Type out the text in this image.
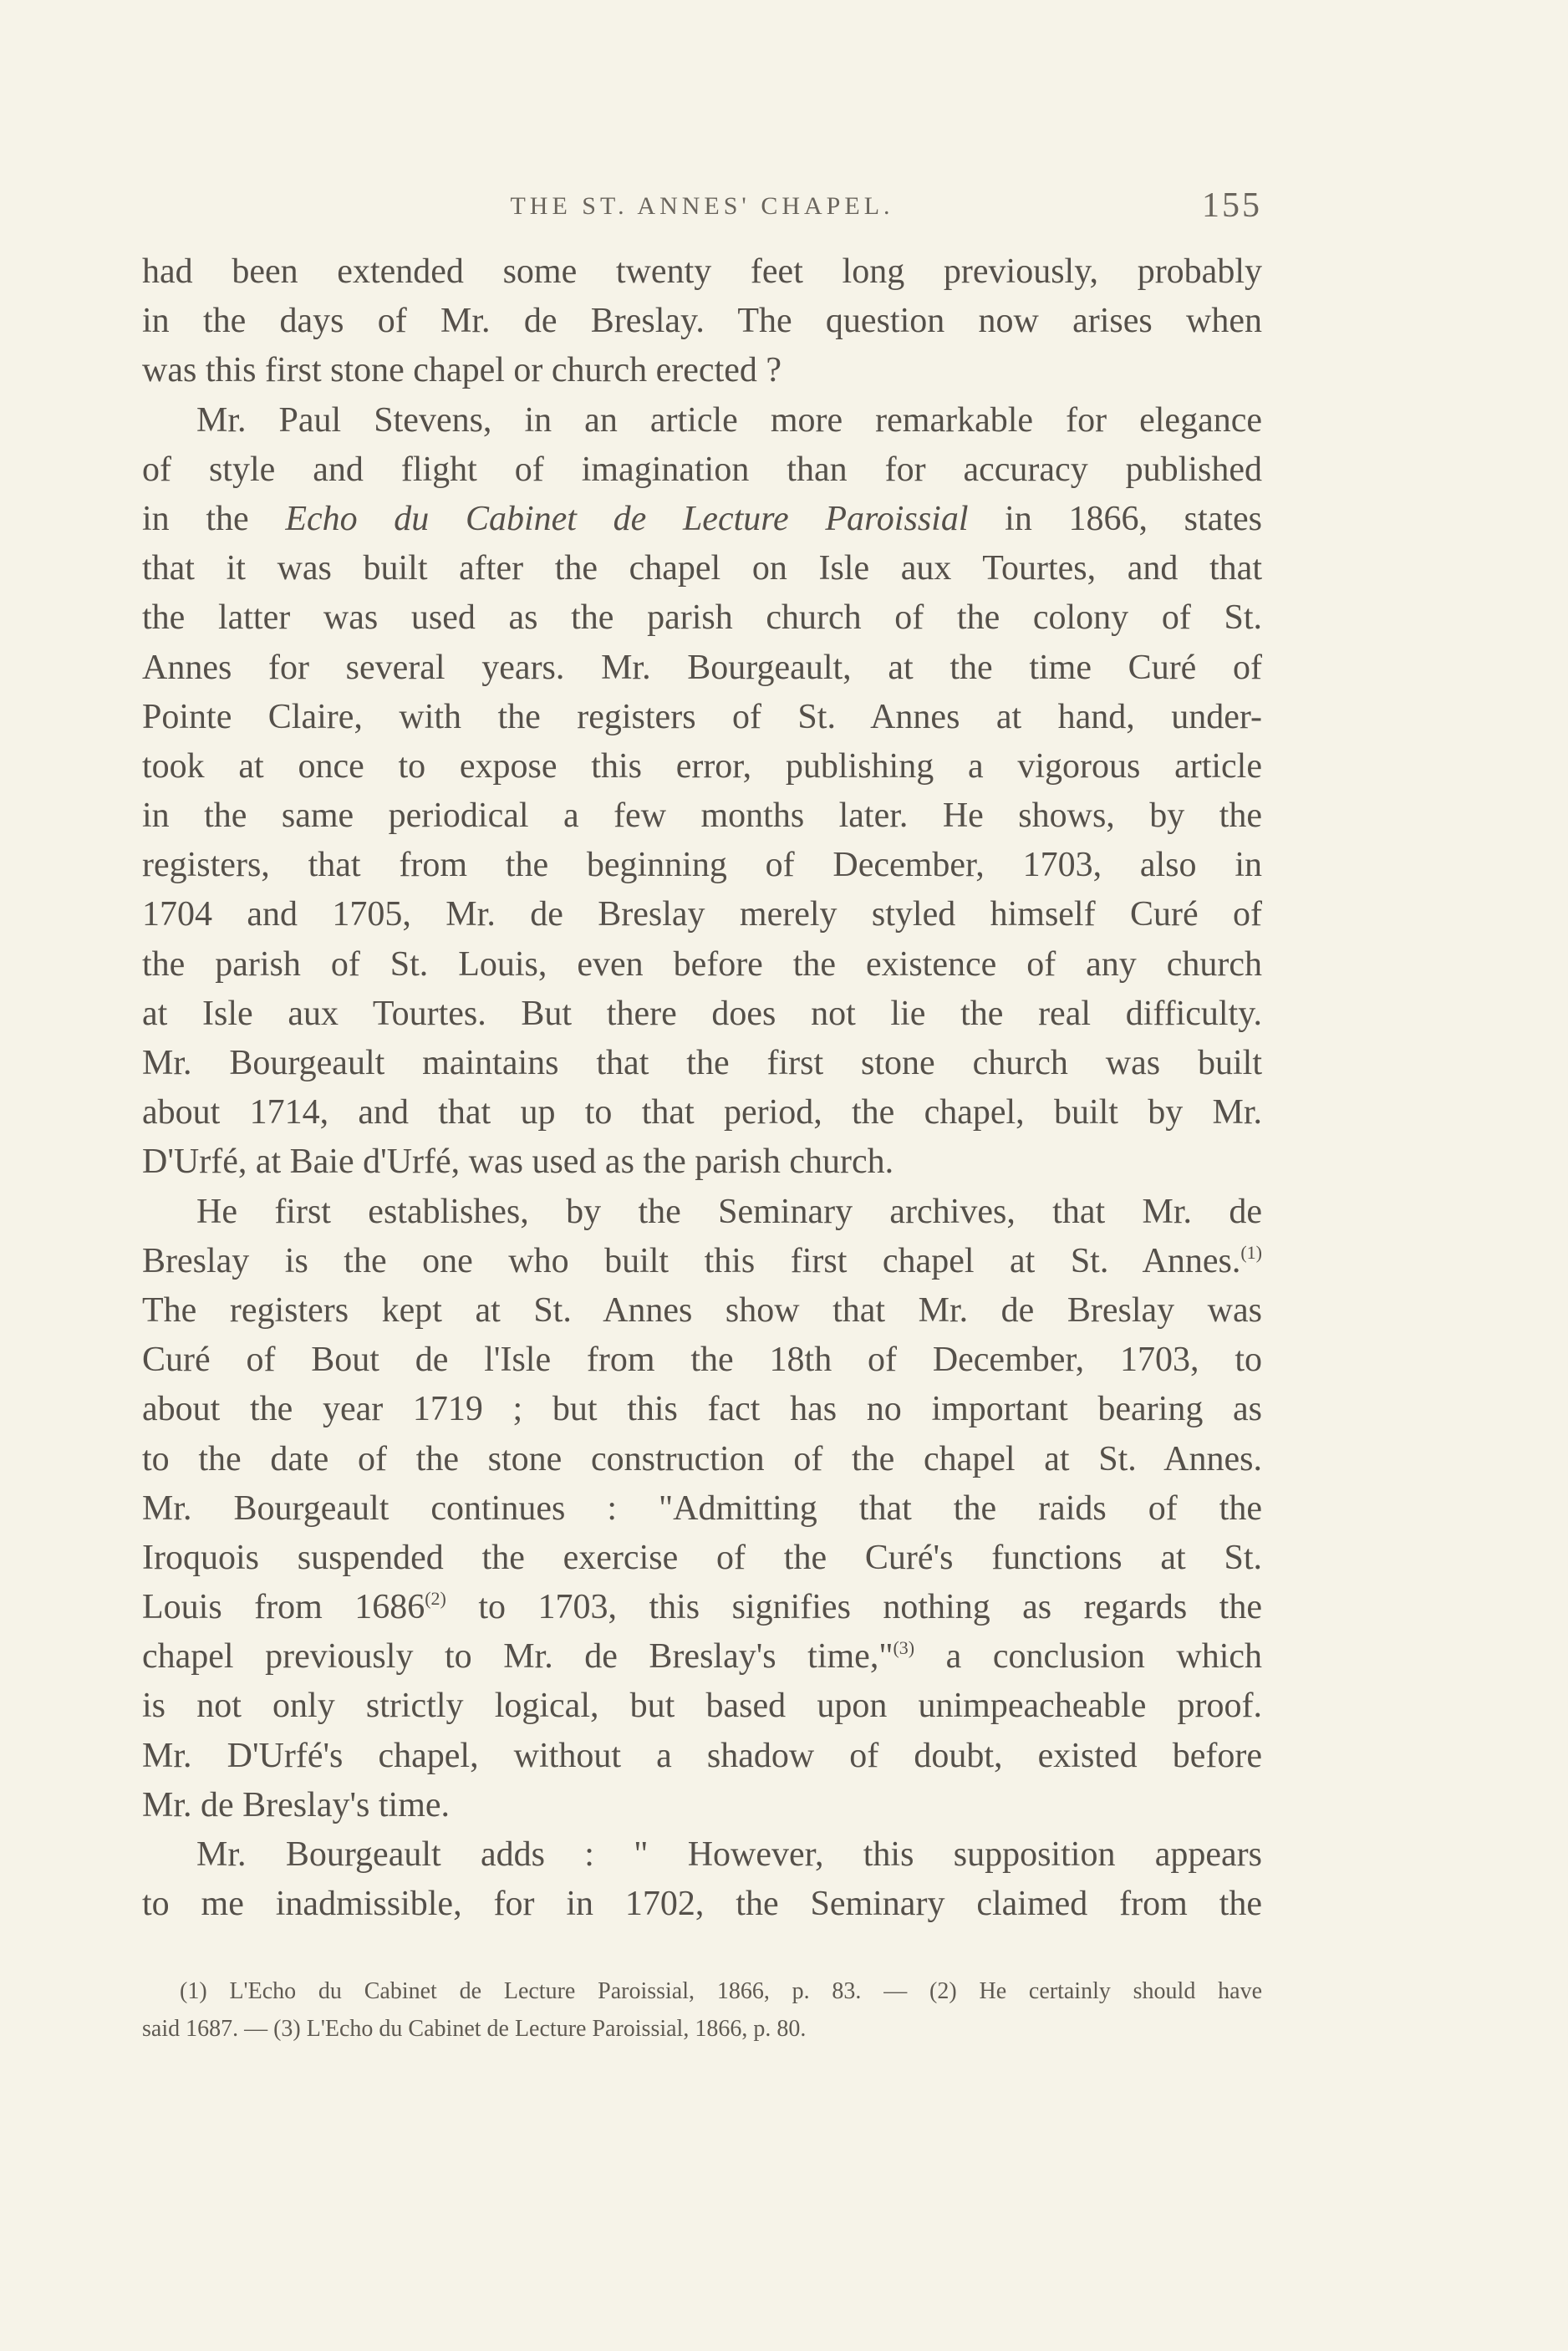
THE ST. ANNES' CHAPEL.	155
had been extended some twenty feet long previously, probably
in the days of Mr. de Breslay. The question now arises when
was this first stone chapel or church erected ?
Mr. Paul Stevens, in an article more remarkable for elegance
of style and flight of imagination than for accuracy published
in the Echo du Cabinet de Lecture Paroissial in 1866, states
that it was built after the chapel on Isle aux Tourtes, and that
the latter was used as the parish church of the colony of St.
Annes for several years. Mr. Bourgeault, at the time Curé of
Pointe Claire, with the registers of St. Annes at hand, under-
took at once to expose this error, publishing a vigorous article
in the same periodical a few months later. He shows, by the
registers, that from the beginning of December, 1703, also in
1704 and 1705, Mr. de Breslay merely styled himself Curé of
the parish of St. Louis, even before the existence of any church
at Isle aux Tourtes. But there does not lie the real difficulty.
Mr. Bourgeault maintains that the first stone church was built
about 1714, and that up to that period, the chapel, built by Mr.
D'Urfé, at Baie d'Urfé, was used as the parish church.
He first establishes, by the Seminary archives, that Mr. de
Breslay is the one who built this first chapel at St. Annes.$^{(1)}$
The registers kept at St. Annes show that Mr. de Breslay was
Curé of Bout de l'Isle from the 18th of December, 1703, to
about the year 1719 ; but this fact has no important bearing as
to the date of the stone construction of the chapel at St. Annes.
Mr. Bourgeault continues : "Admitting that the raids of the
Iroquois suspended the exercise of the Curé's functions at St.
Louis from 1686$^{(2)}$ to 1703, this signifies nothing as regards the
chapel previously to Mr. de Breslay's time,"$^{(3)}$ a conclusion which
is not only strictly logical, but based upon unimpeacheable proof.
Mr. D'Urfé's chapel, without a shadow of doubt, existed before
Mr. de Breslay's time.
Mr. Bourgeault adds : " However, this supposition appears
to me inadmissible, for in 1702, the Seminary claimed from the
(1) L'Echo du Cabinet de Lecture Paroissial, 1866, p. 83. — (2) He certainly should have
said 1687. — (3) L'Echo du Cabinet de Lecture Paroissial, 1866, p. 80.
